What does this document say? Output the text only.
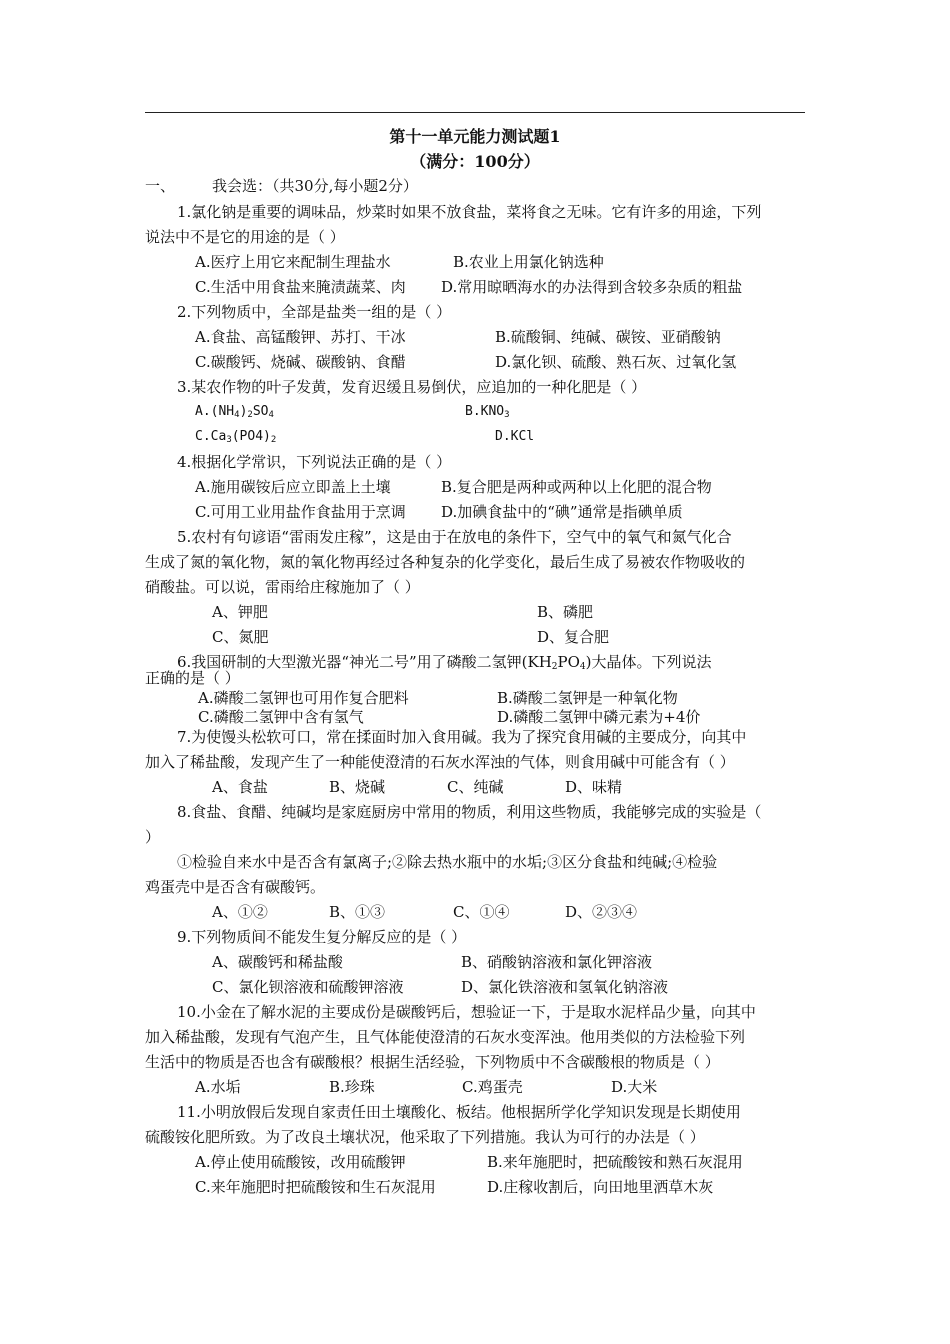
第十一单元能力测试题1
（满分：100分）
一、 我会选：（共30分,每小题2分）
1.氯化钠是重要的调味品，炒菜时如果不放食盐，菜将食之无味。它有许多的用途，下列
说法中不是它的用途的是（ ）
A.医疗上用它来配制生理盐水	B.农业上用氯化钠选种
C.生活中用食盐来腌渍蔬菜、肉 D.常用晾晒海水的办法得到含较多杂质的粗盐
2.下列物质中，全部是盐类一组的是（ ）
A.食盐、高锰酸钾、苏打、干冰	B.硫酸铜、纯碱、碳铵、亚硝酸钠
C.碳酸钙、烧碱、碳酸钠、食醋	D.氯化钡、硫酸、熟石灰、过氧化氢
3.某农作物的叶子发黄，发育迟缓且易倒伏，应追加的一种化肥是（ ）
$A.(NH_4)_2SO_4$	$B.KNO_3$
$C.Ca_3(PO4)_2$	D.KCl
4.根据化学常识，下列说法正确的是（ ）
A.施用碳铵后应立即盖上土壤	B.复合肥是两种或两种以上化肥的混合物
C.可用工业用盐作食盐用于烹调 D.加碘食盐中的“碘”通常是指碘单质
5.农村有句谚语“雷雨发庄稼”，这是由于在放电的条件下，空气中的氧气和氮气化合
生成了氮的氧化物，氮的氧化物再经过各种复杂的化学变化，最后生成了易被农作物吸收的
硝酸盐。可以说，雷雨给庄稼施加了（ ）
A、钾肥	B、磷肥
C、氮肥	D、复合肥
6.我国研制的大型激光器“神光二号”用了磷酸二氢钾$(KH_2PO_4)$大晶体。下列说法
正确的是（ ）
A.磷酸二氢钾也可用作复合肥料	B.磷酸二氢钾是一种氧化物
C.磷酸二氢钾中含有氢气	D.磷酸二氢钾中磷元素为+4价
7.为使馒头松软可口，常在揉面时加入食用碱。我为了探究食用碱的主要成分，向其中
加入了稀盐酸，发现产生了一种能使澄清的石灰水浑浊的气体，则食用碱中可能含有（ ）
A、食盐	B、烧碱	C、纯碱	D、味精
8.食盐、食醋、纯碱均是家庭厨房中常用的物质，利用这些物质，我能够完成的实验是（
）
①检验自来水中是否含有氯离子;②除去热水瓶中的水垢;③区分食盐和纯碱;④检验
鸡蛋壳中是否含有碳酸钙。
A、①②	B、①③	C、①④	D、②③④
9.下列物质间不能发生复分解反应的是（ ）
A、碳酸钙和稀盐酸	B、硝酸钠溶液和氯化钾溶液
C、氯化钡溶液和硫酸钾溶液	D、氯化铁溶液和氢氧化钠溶液
10.小金在了解水泥的主要成份是碳酸钙后，想验证一下，于是取水泥样品少量，向其中
加入稀盐酸，发现有气泡产生，且气体能使澄清的石灰水变浑浊。他用类似的方法检验下列
生活中的物质是否也含有碳酸根？根据生活经验，下列物质中不含碳酸根的物质是（ ）
A.水垢	B.珍珠	C.鸡蛋壳	D.大米
11.小明放假后发现自家责任田土壤酸化、板结。他根据所学化学知识发现是长期使用
硫酸铵化肥所致。为了改良土壤状况，他采取了下列措施。我认为可行的办法是（ ）
A.停止使用硫酸铵，改用硫酸钾	B.来年施肥时，把硫酸铵和熟石灰混用
C.来年施肥时把硫酸铵和生石灰混用	D.庄稼收割后，向田地里洒草木灰
